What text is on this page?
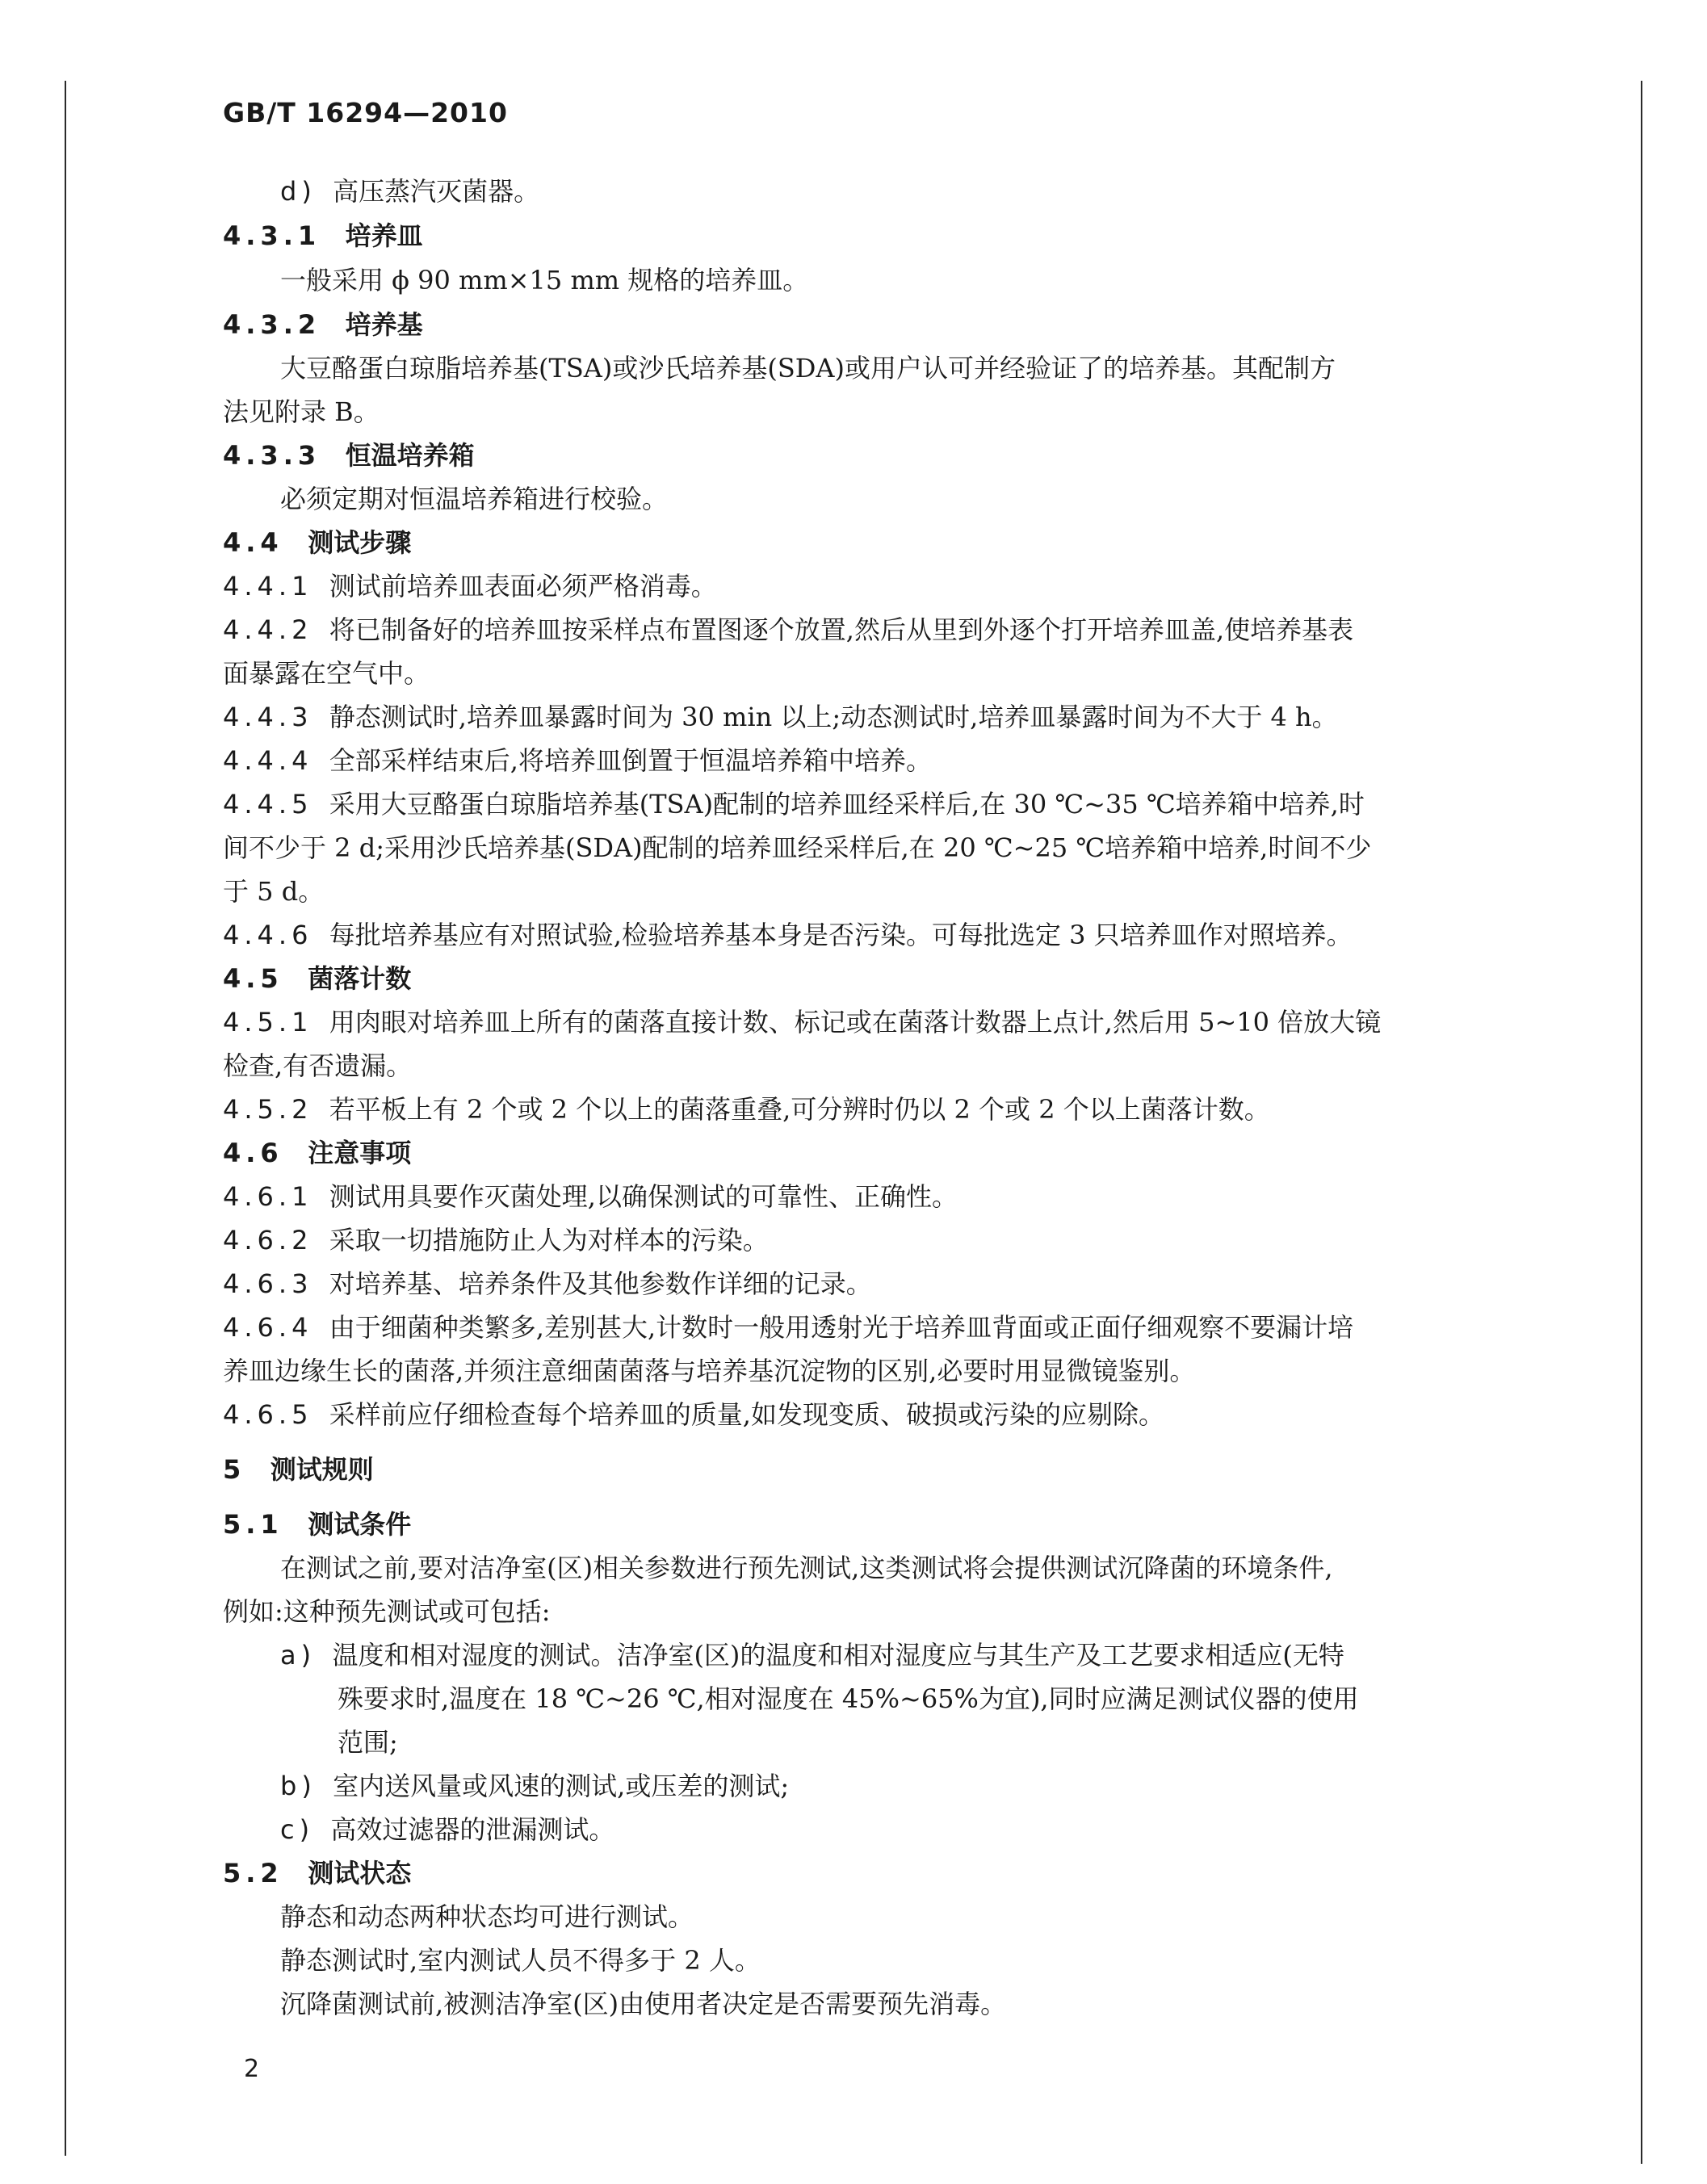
GB/T 16294—2010
d) 高压蒸汽灭菌器。
4.3.1 培养皿
一般采用 ϕ 90 mm×15 mm 规格的培养皿。
4.3.2 培养基
大豆酪蛋白琼脂培养基(TSA)或沙氏培养基(SDA)或用户认可并经验证了的培养基。其配制方
法见附录 B。
4.3.3 恒温培养箱
必须定期对恒温培养箱进行校验。
4.4 测试步骤
4.4.1 测试前培养皿表面必须严格消毒。
4.4.2 将已制备好的培养皿按采样点布置图逐个放置,然后从里到外逐个打开培养皿盖,使培养基表
面暴露在空气中。
4.4.3 静态测试时,培养皿暴露时间为 30 min 以上;动态测试时,培养皿暴露时间为不大于 4 h。
4.4.4 全部采样结束后,将培养皿倒置于恒温培养箱中培养。
4.4.5 采用大豆酪蛋白琼脂培养基(TSA)配制的培养皿经采样后,在 30 ℃~35 ℃培养箱中培养,时
间不少于 2 d;采用沙氏培养基(SDA)配制的培养皿经采样后,在 20 ℃~25 ℃培养箱中培养,时间不少
于 5 d。
4.4.6 每批培养基应有对照试验,检验培养基本身是否污染。可每批选定 3 只培养皿作对照培养。
4.5 菌落计数
4.5.1 用肉眼对培养皿上所有的菌落直接计数、标记或在菌落计数器上点计,然后用 5~10 倍放大镜
检查,有否遗漏。
4.5.2 若平板上有 2 个或 2 个以上的菌落重叠,可分辨时仍以 2 个或 2 个以上菌落计数。
4.6 注意事项
4.6.1 测试用具要作灭菌处理,以确保测试的可靠性、正确性。
4.6.2 采取一切措施防止人为对样本的污染。
4.6.3 对培养基、培养条件及其他参数作详细的记录。
4.6.4 由于细菌种类繁多,差别甚大,计数时一般用透射光于培养皿背面或正面仔细观察不要漏计培
养皿边缘生长的菌落,并须注意细菌菌落与培养基沉淀物的区别,必要时用显微镜鉴别。
4.6.5 采样前应仔细检查每个培养皿的质量,如发现变质、破损或污染的应剔除。
5 测试规则
5.1 测试条件
在测试之前,要对洁净室(区)相关参数进行预先测试,这类测试将会提供测试沉降菌的环境条件,
例如:这种预先测试或可包括:
a) 温度和相对湿度的测试。洁净室(区)的温度和相对湿度应与其生产及工艺要求相适应(无特
殊要求时,温度在 18 ℃~26 ℃,相对湿度在 45%~65%为宜),同时应满足测试仪器的使用
范围;
b) 室内送风量或风速的测试,或压差的测试;
c) 高效过滤器的泄漏测试。
5.2 测试状态
静态和动态两种状态均可进行测试。
静态测试时,室内测试人员不得多于 2 人。
沉降菌测试前,被测洁净室(区)由使用者决定是否需要预先消毒。
2
